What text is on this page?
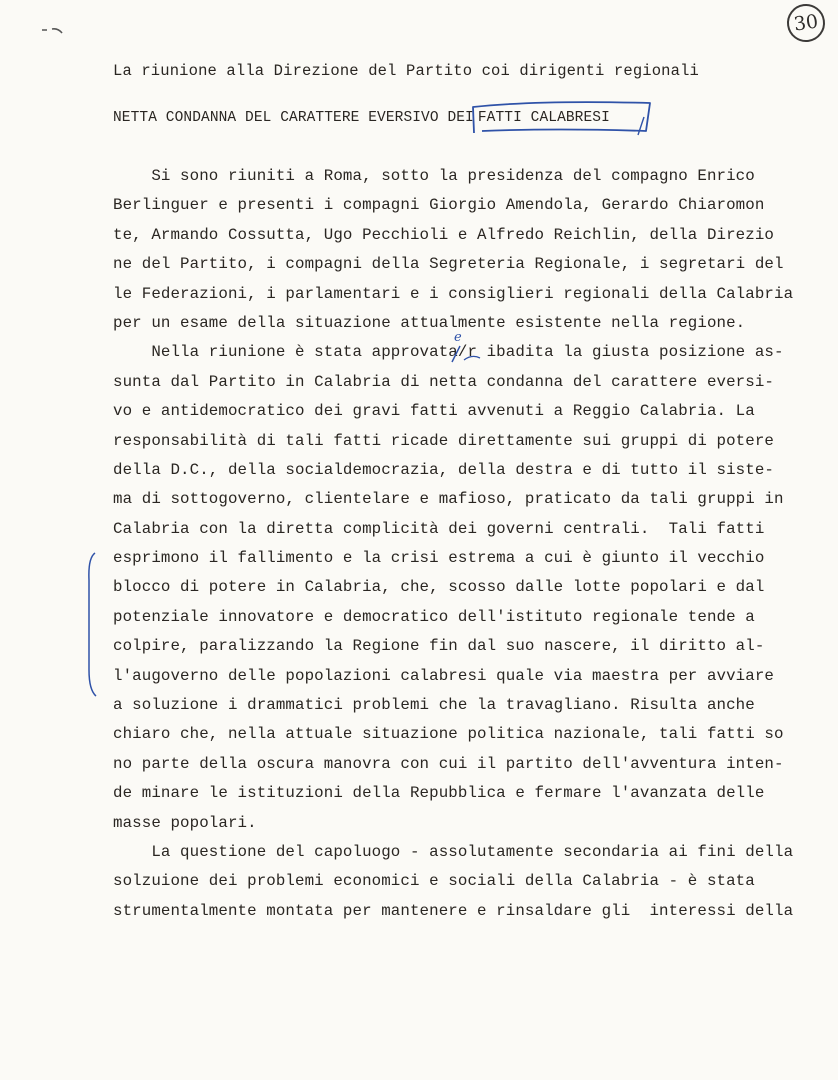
30
La riunione alla Direzione del Partito coi dirigenti regionali
NETTA CONDANNA DEL CARATTERE EVERSIVO DEI FATTI CALABRESI
Si sono riuniti a Roma, sotto la presidenza del compagno Enrico
Berlinguer e presenti i compagni Giorgio Amendola, Gerardo Chiaromon
te, Armando Cossutta, Ugo Pecchioli e Alfredo Reichlin, della Direzio
ne del Partito, i compagni della Segreteria Regionale, i segretari del
le Federazioni, i parlamentari e i consiglieri regionali della Calabria
per un esame della situazione attualmente esistente nella regione.
Nella riunione è stata approvata/r ibadita la giusta posizione as-
sunta dal Partito in Calabria di netta condanna del carattere eversi-
vo e antidemocratico dei gravi fatti avvenuti a Reggio Calabria. La
responsabilità di tali fatti ricade direttamente sui gruppi di potere
della D.C., della socialdemocrazia, della destra e di tutto il siste-
ma di sottogoverno, clientelare e mafioso, praticato da tali gruppi in
Calabria con la diretta complicità dei governi centrali.  Tali fatti
esprimono il fallimento e la crisi estrema a cui è giunto il vecchio
blocco di potere in Calabria, che, scosso dalle lotte popolari e dal
potenziale innovatore e democratico dell'istituto regionale tende a
colpire, paralizzando la Regione fin dal suo nascere, il diritto al-
l'augoverno delle popolazioni calabresi quale via maestra per avviare
a soluzione i drammatici problemi che la travagliano. Risulta anche
chiaro che, nella attuale situazione politica nazionale, tali fatti so
no parte della oscura manovra con cui il partito dell'avventura inten-
de minare le istituzioni della Repubblica e fermare l'avanzata delle
masse popolari.
La questione del capoluogo - assolutamente secondaria ai fini della
solzuione dei problemi economici e sociali della Calabria - è stata
strumentalmente montata per mantenere e rinsaldare gli  interessi della
e
